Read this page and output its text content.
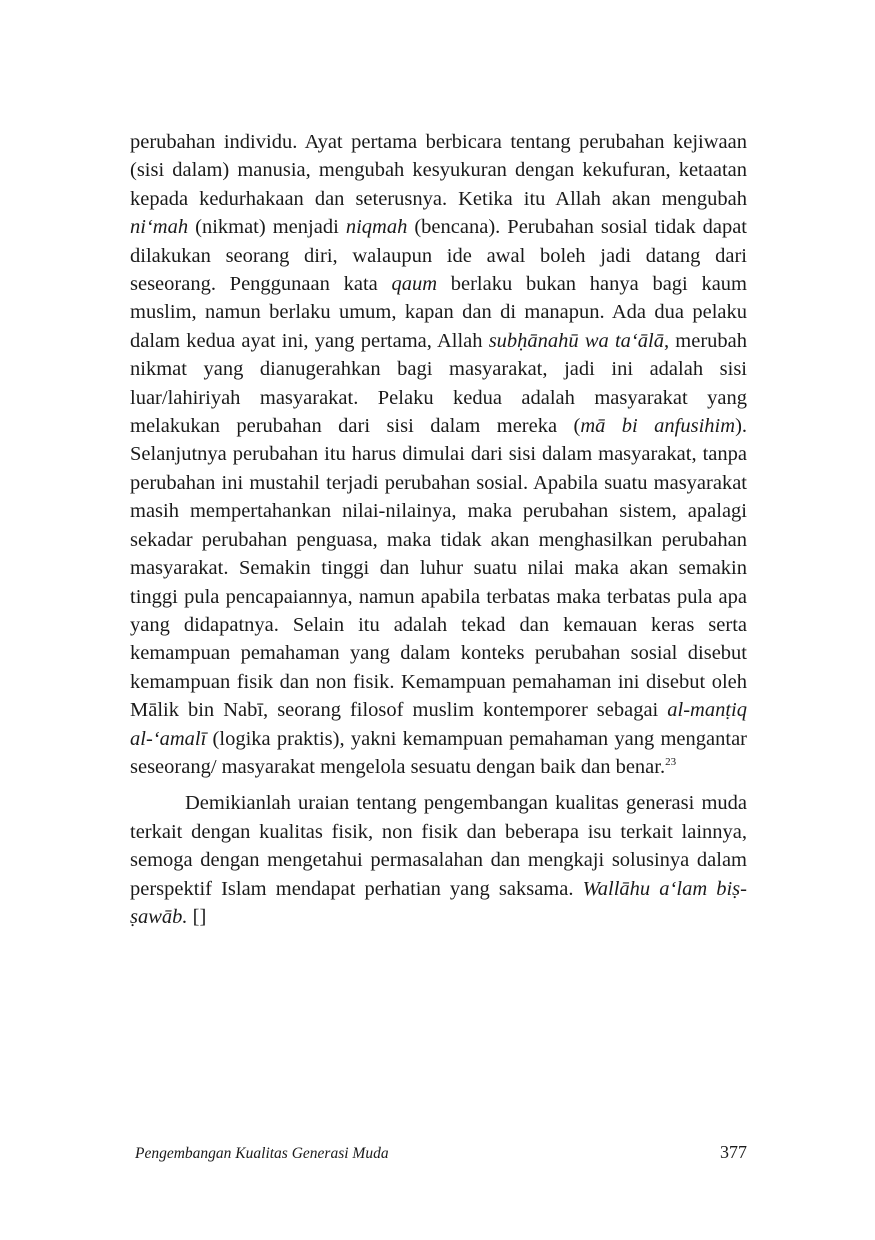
perubahan individu. Ayat pertama berbicara tentang perubahan kejiwaan (sisi dalam) manusia, mengubah kesyukuran dengan kekufuran, ketaatan kepada kedurhakaan dan seterusnya. Ketika itu Allah akan mengubah ni‘mah (nikmat) menjadi niqmah (bencana). Perubahan sosial tidak dapat dilakukan seorang diri, walaupun ide awal boleh jadi datang dari seseorang. Penggunaan kata qaum berlaku bukan hanya bagi kaum muslim, namun berlaku umum, kapan dan di manapun. Ada dua pelaku dalam kedua ayat ini, yang pertama, Allah subḥānahū wa ta‘ālā, merubah nikmat yang dianugerahkan bagi masyarakat, jadi ini adalah sisi luar/lahiriyah masyarakat. Pelaku kedua adalah masyarakat yang melakukan perubahan dari sisi dalam mereka (mā bi anfusihim). Selanjutnya perubahan itu harus dimulai dari sisi dalam masyarakat, tanpa perubahan ini mustahil terjadi perubahan sosial. Apabila suatu masyarakat masih mempertahankan nilai-nilainya, maka perubahan sistem, apalagi sekadar perubahan penguasa, maka tidak akan menghasilkan perubahan masyarakat. Semakin tinggi dan luhur suatu nilai maka akan semakin tinggi pula pencapaiannya, namun apabila terbatas maka terbatas pula apa yang didapatnya. Selain itu adalah tekad dan kemauan keras serta kemampuan pemahaman yang dalam konteks perubahan sosial disebut kemampuan fisik dan non fisik. Kemampuan pemahaman ini disebut oleh Mālik bin Nabī, seorang filosof muslim kontemporer sebagai al-manṭiq al-‘amalī (logika praktis), yakni kemampuan pemahaman yang mengantar seseorang/ masyarakat mengelola sesuatu dengan baik dan benar.$^{23}$

Demikianlah uraian tentang pengembangan kualitas generasi muda terkait dengan kualitas fisik, non fisik dan beberapa isu terkait lainnya, semoga dengan mengetahui permasalahan dan mengkaji solusinya dalam perspektif Islam mendapat perhatian yang saksama. Wallāhu a‘lam biṣ-ṣawāb. []

Pengembangan Kualitas Generasi Muda	377
